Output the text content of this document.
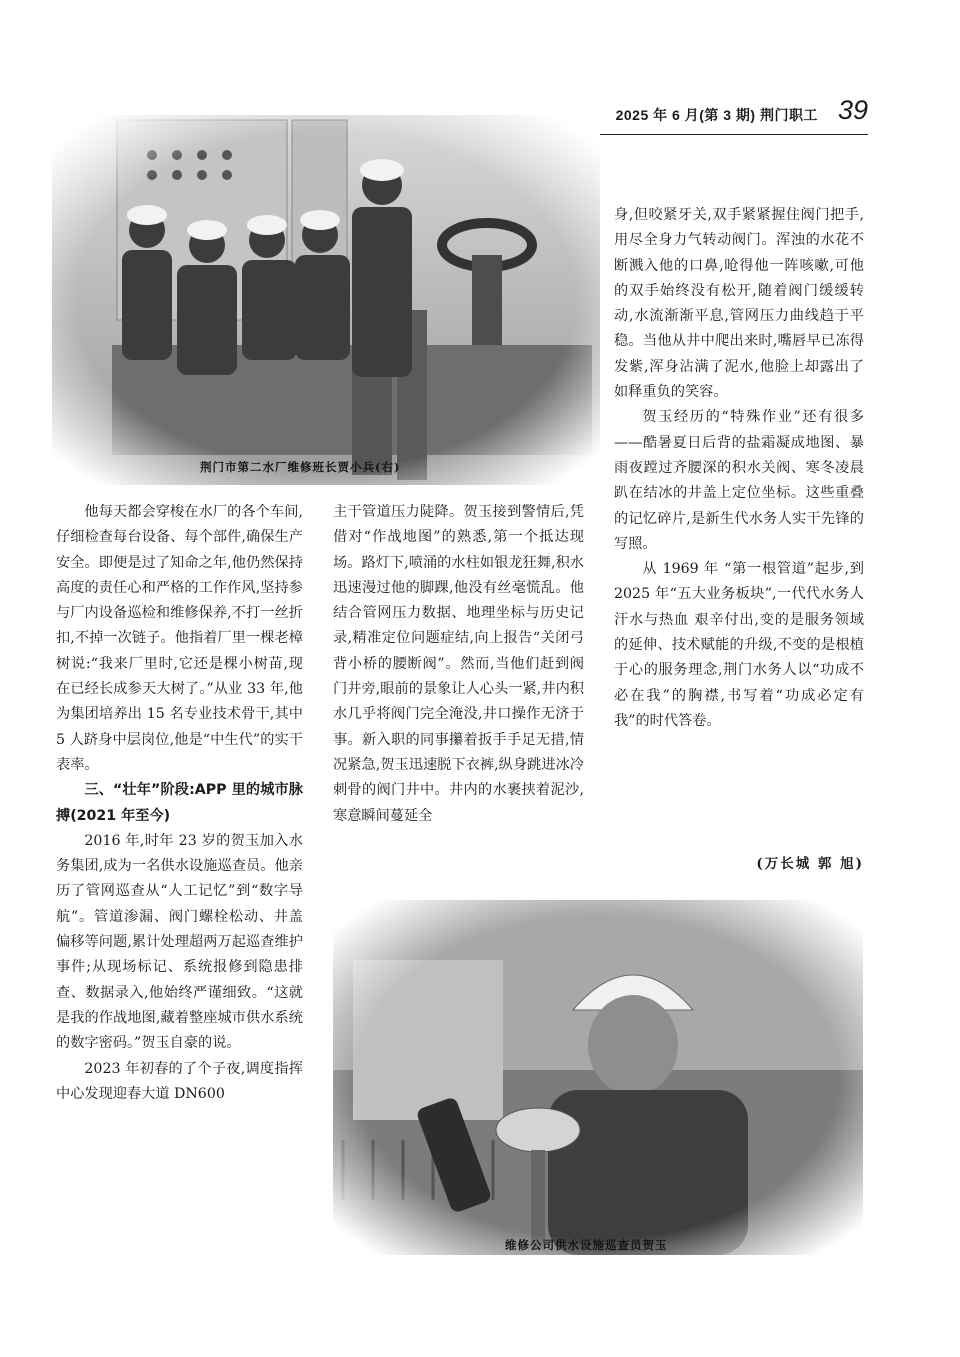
2025 年 6 月(第 3 期) 荆门职工 39
荆门市第二水厂维修班长贾小兵(右)

他每天都会穿梭在水厂的各个车间,仔细检查每台设备、每个部件,确保生产安全。即便是过了知命之年,他仍然保持高度的责任心和严格的工作作风,坚持参与厂内设备巡检和维修保养,不打一丝折扣,不掉一次链子。他指着厂里一棵老樟树说:“我来厂里时,它还是棵小树苗,现在已经长成参天大树了。”从业 33 年,他为集团培养出 15 名专业技术骨干,其中 5 人跻身中层岗位,他是“中生代”的实干表率。

三、“壮年”阶段:APP 里的城市脉搏(2021 年至今)

2016 年,时年 23 岁的贺玉加入水务集团,成为一名供水设施巡查员。他亲历了管网巡查从“人工记忆”到“数字导航”。管道渗漏、阀门螺栓松动、井盖偏移等问题,累计处理超两万起巡查维护事件;从现场标记、系统报修到隐患排查、数据录入,他始终严谨细致。“这就是我的作战地图,藏着整座城市供水系统的数字密码。”贺玉自豪的说。

2023 年初春的了个子夜,调度指挥中心发现迎春大道 DN600

主干管道压力陡降。贺玉接到警情后,凭借对“作战地图”的熟悉,第一个抵达现场。路灯下,喷涌的水柱如银龙狂舞,积水迅速漫过他的脚踝,他没有丝毫慌乱。他结合管网压力数据、地理坐标与历史记录,精准定位问题症结,向上报告“关闭弓背小桥的腰断阀”。然而,当他们赶到阀门井旁,眼前的景象让人心头一紧,井内积水几乎将阀门完全淹没,井口操作无济于事。新入职的同事攥着扳手手足无措,情况紧急,贺玉迅速脱下衣裤,纵身跳进冰冷刺骨的阀门井中。井内的水裹挟着泥沙,寒意瞬间蔓延全

身,但咬紧牙关,双手紧紧握住阀门把手,用尽全身力气转动阀门。浑浊的水花不断溅入他的口鼻,呛得他一阵咳嗽,可他的双手始终没有松开,随着阀门缓缓转动,水流渐渐平息,管网压力曲线趋于平稳。当他从井中爬出来时,嘴唇早已冻得发紫,浑身沾满了泥水,他脸上却露出了如释重负的笑容。

贺玉经历的“特殊作业”还有很多——酷暑夏日后背的盐霜凝成地图、暴雨夜蹚过齐腰深的积水关阀、寒冬凌晨趴在结冰的井盖上定位坐标。这些重叠的记忆碎片,是新生代水务人实干先锋的写照。

从 1969 年 “第一根管道”起步,到 2025 年“五大业务板块”,一代代水务人汗水与热血 艰辛付出,变的是服务领域的延伸、技术赋能的升级,不变的是根植于心的服务理念,荆门水务人以“功成不必在我”的胸襟,书写着“功成必定有我”的时代答卷。

(万长城 郭 旭)
维修公司供水设施巡查员贺玉
